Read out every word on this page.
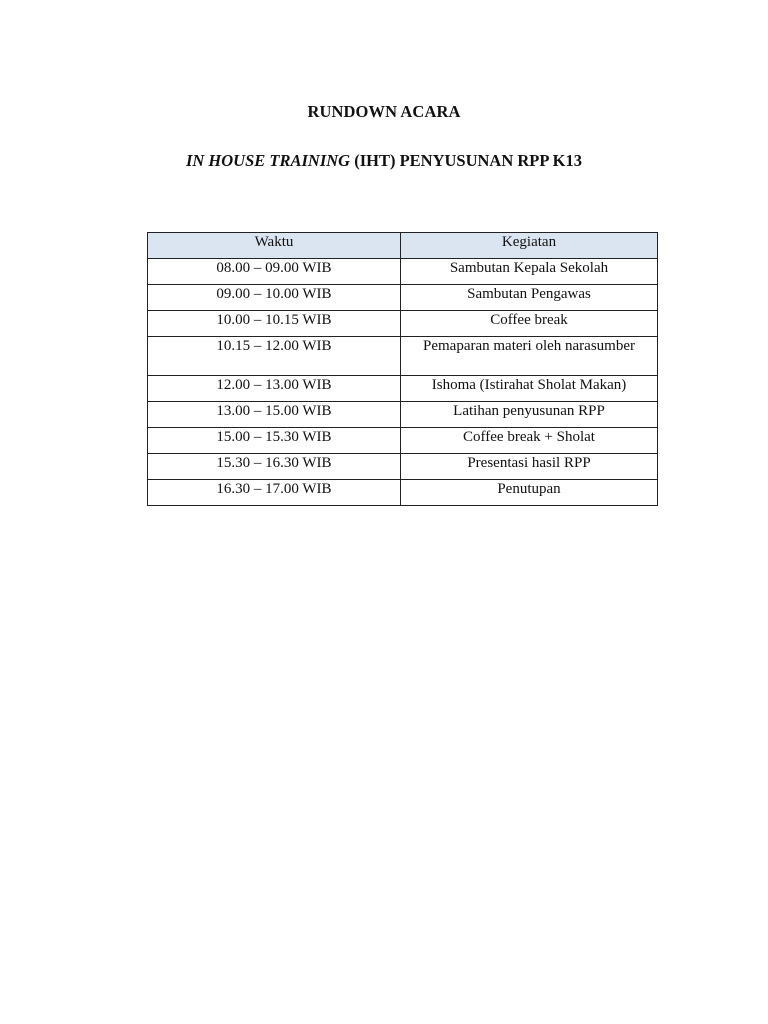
RUNDOWN ACARA
IN HOUSE TRAINING (IHT) PENYUSUNAN RPP K13
Waktu	Kegiatan
08.00 – 09.00 WIB	Sambutan Kepala Sekolah
09.00 – 10.00 WIB	Sambutan Pengawas
10.00 – 10.15 WIB	Coffee break
10.15 – 12.00 WIB	Pemaparan materi oleh narasumber
12.00 – 13.00 WIB	Ishoma (Istirahat Sholat Makan)
13.00 – 15.00 WIB	Latihan penyusunan RPP
15.00 – 15.30 WIB	Coffee break + Sholat
15.30 – 16.30 WIB	Presentasi hasil RPP
16.30 – 17.00 WIB	Penutupan
